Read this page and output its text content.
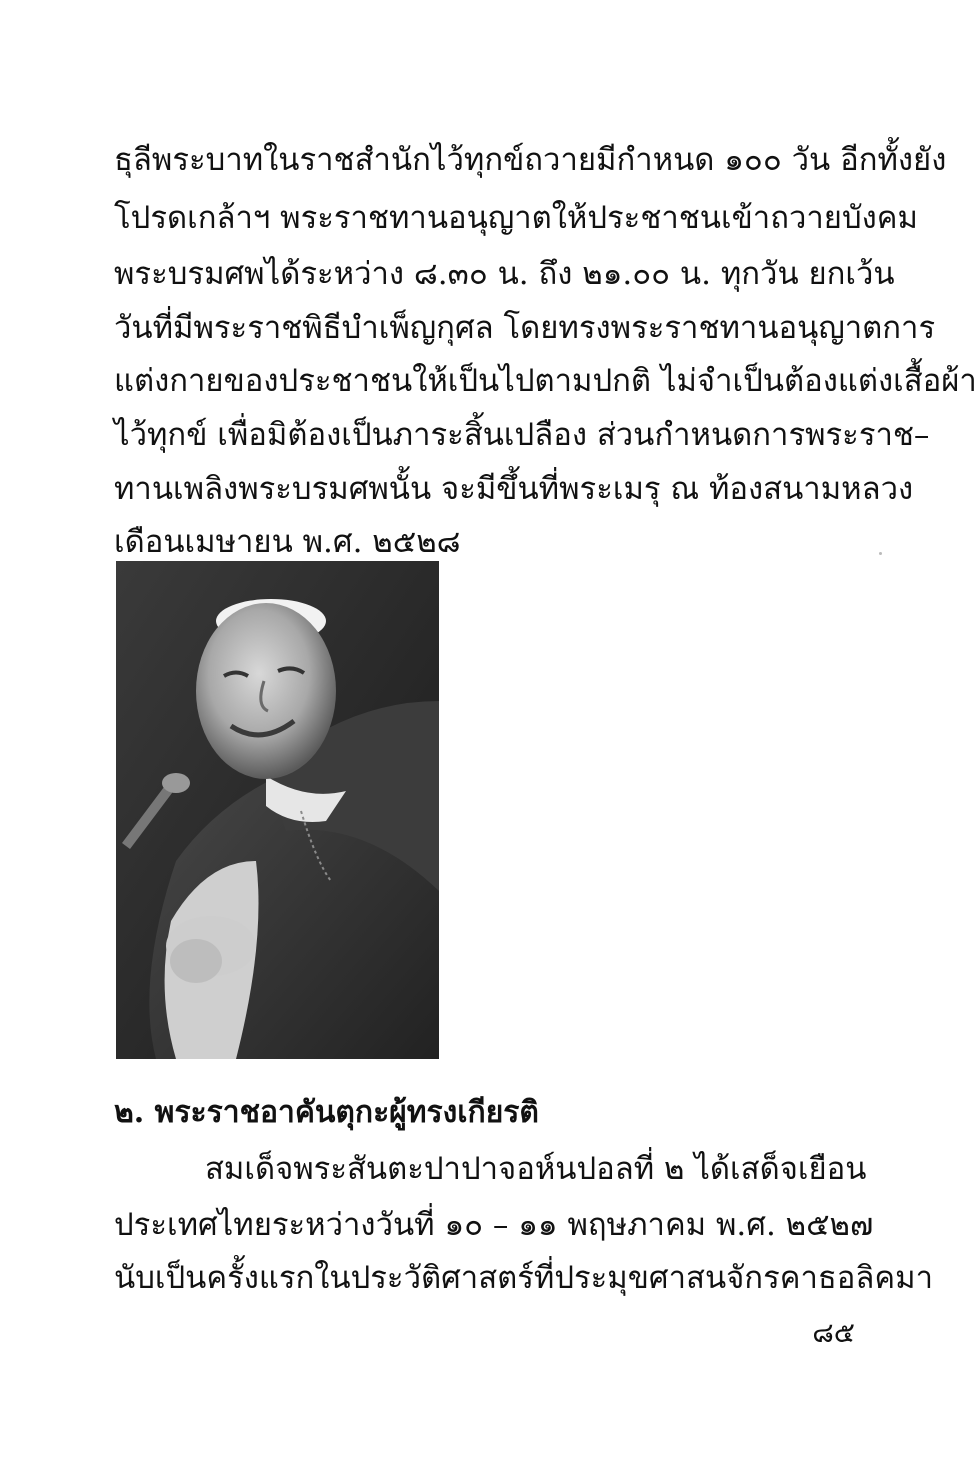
ธุลีพระบาทในราชสำนักไว้ทุกข์ถวายมีกำหนด ๑๐๐ วัน อีกทั้งยัง
โปรดเกล้าฯ พระราชทานอนุญาตให้ประชาชนเข้าถวายบังคม
พระบรมศพได้ระหว่าง ๘.๓๐ น. ถึง ๒๑.๐๐ น. ทุกวัน ยกเว้น
วันที่มีพระราชพิธีบำเพ็ญกุศล โดยทรงพระราชทานอนุญาตการ
แต่งกายของประชาชนให้เป็นไปตามปกติ ไม่จำเป็นต้องแต่งเสื้อผ้า
ไว้ทุกข์ เพื่อมิต้องเป็นภาระสิ้นเปลือง ส่วนกำหนดการพระราช–
ทานเพลิงพระบรมศพนั้น จะมีขึ้นที่พระเมรุ ณ ท้องสนามหลวง
เดือนเมษายน พ.ศ. ๒๕๒๘
๒. พระราชอาคันตุกะผู้ทรงเกียรติ
สมเด็จพระสันตะปาปาจอห์นปอลที่ ๒ ได้เสด็จเยือน
ประเทศไทยระหว่างวันที่ ๑๐ – ๑๑ พฤษภาคม พ.ศ. ๒๕๒๗
นับเป็นครั้งแรกในประวัติศาสตร์ที่ประมุขศาสนจักรคาธอลิคมา
๘๕
